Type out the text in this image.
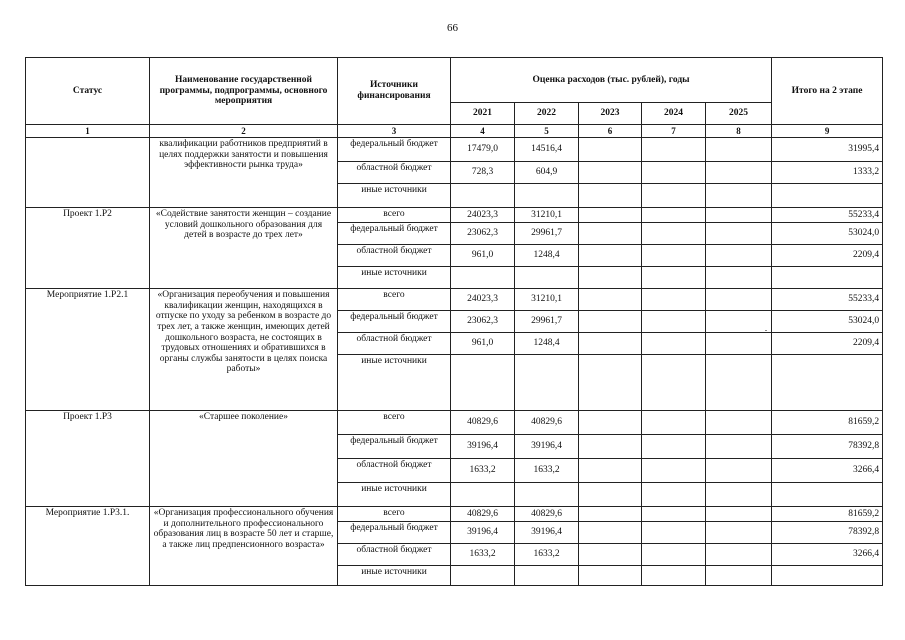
66
Статус	Наименование государственной программы, подпрограммы, основного мероприятия	Источники финансирования	Оценка расходов (тыс. рублей), годы					Итого на 2 этапе
			2021	2022	2023	2024	2025	
1	2	3	4	5	6	7	8	9
	квалификации работников предприятий в целях поддержки занятости и повышения эффективности рынка труда»	федеральный бюджет	17479,0	14516,4				31995,4
		областной бюджет	728,3	604,9				1333,2
		иные источники						
Проект 1.Р2	«Содействие занятости женщин – создание условий дошкольного образования для детей в возрасте до трех лет»	всего	24023,3	31210,1				55233,4
		федеральный бюджет	23062,3	29961,7				53024,0
		областной бюджет	961,0	1248,4				2209,4
		иные источники						
Мероприятие 1.Р2.1	«Организация переобучения и повышения квалификации женщин, находящихся в отпуске по уходу за ребенком в возрасте до трех лет, а также женщин, имеющих детей дошкольного возраста, не состоящих в трудовых отношениях и обратившихся в органы службы занятости в целях поиска работы»	всего	24023,3	31210,1				55233,4
		федеральный бюджет	23062,3	29961,7				53024,0
		областной бюджет	961,0	1248,4				2209,4
		иные источники						
Проект 1.Р3	«Старшее поколение»	всего	40829,6	40829,6				81659,2
		федеральный бюджет	39196,4	39196,4				78392,8
		областной бюджет	1633,2	1633,2				3266,4
		иные источники						
Мероприятие 1.Р3.1.	«Организация профессионального обучения и дополнительного профессионального образования лиц в возрасте 50 лет и старше, а также лиц предпенсионного возраста»	всего	40829,6	40829,6				81659,2
		федеральный бюджет	39196,4	39196,4				78392,8
		областной бюджет	1633,2	1633,2				3266,4
		иные источники						
